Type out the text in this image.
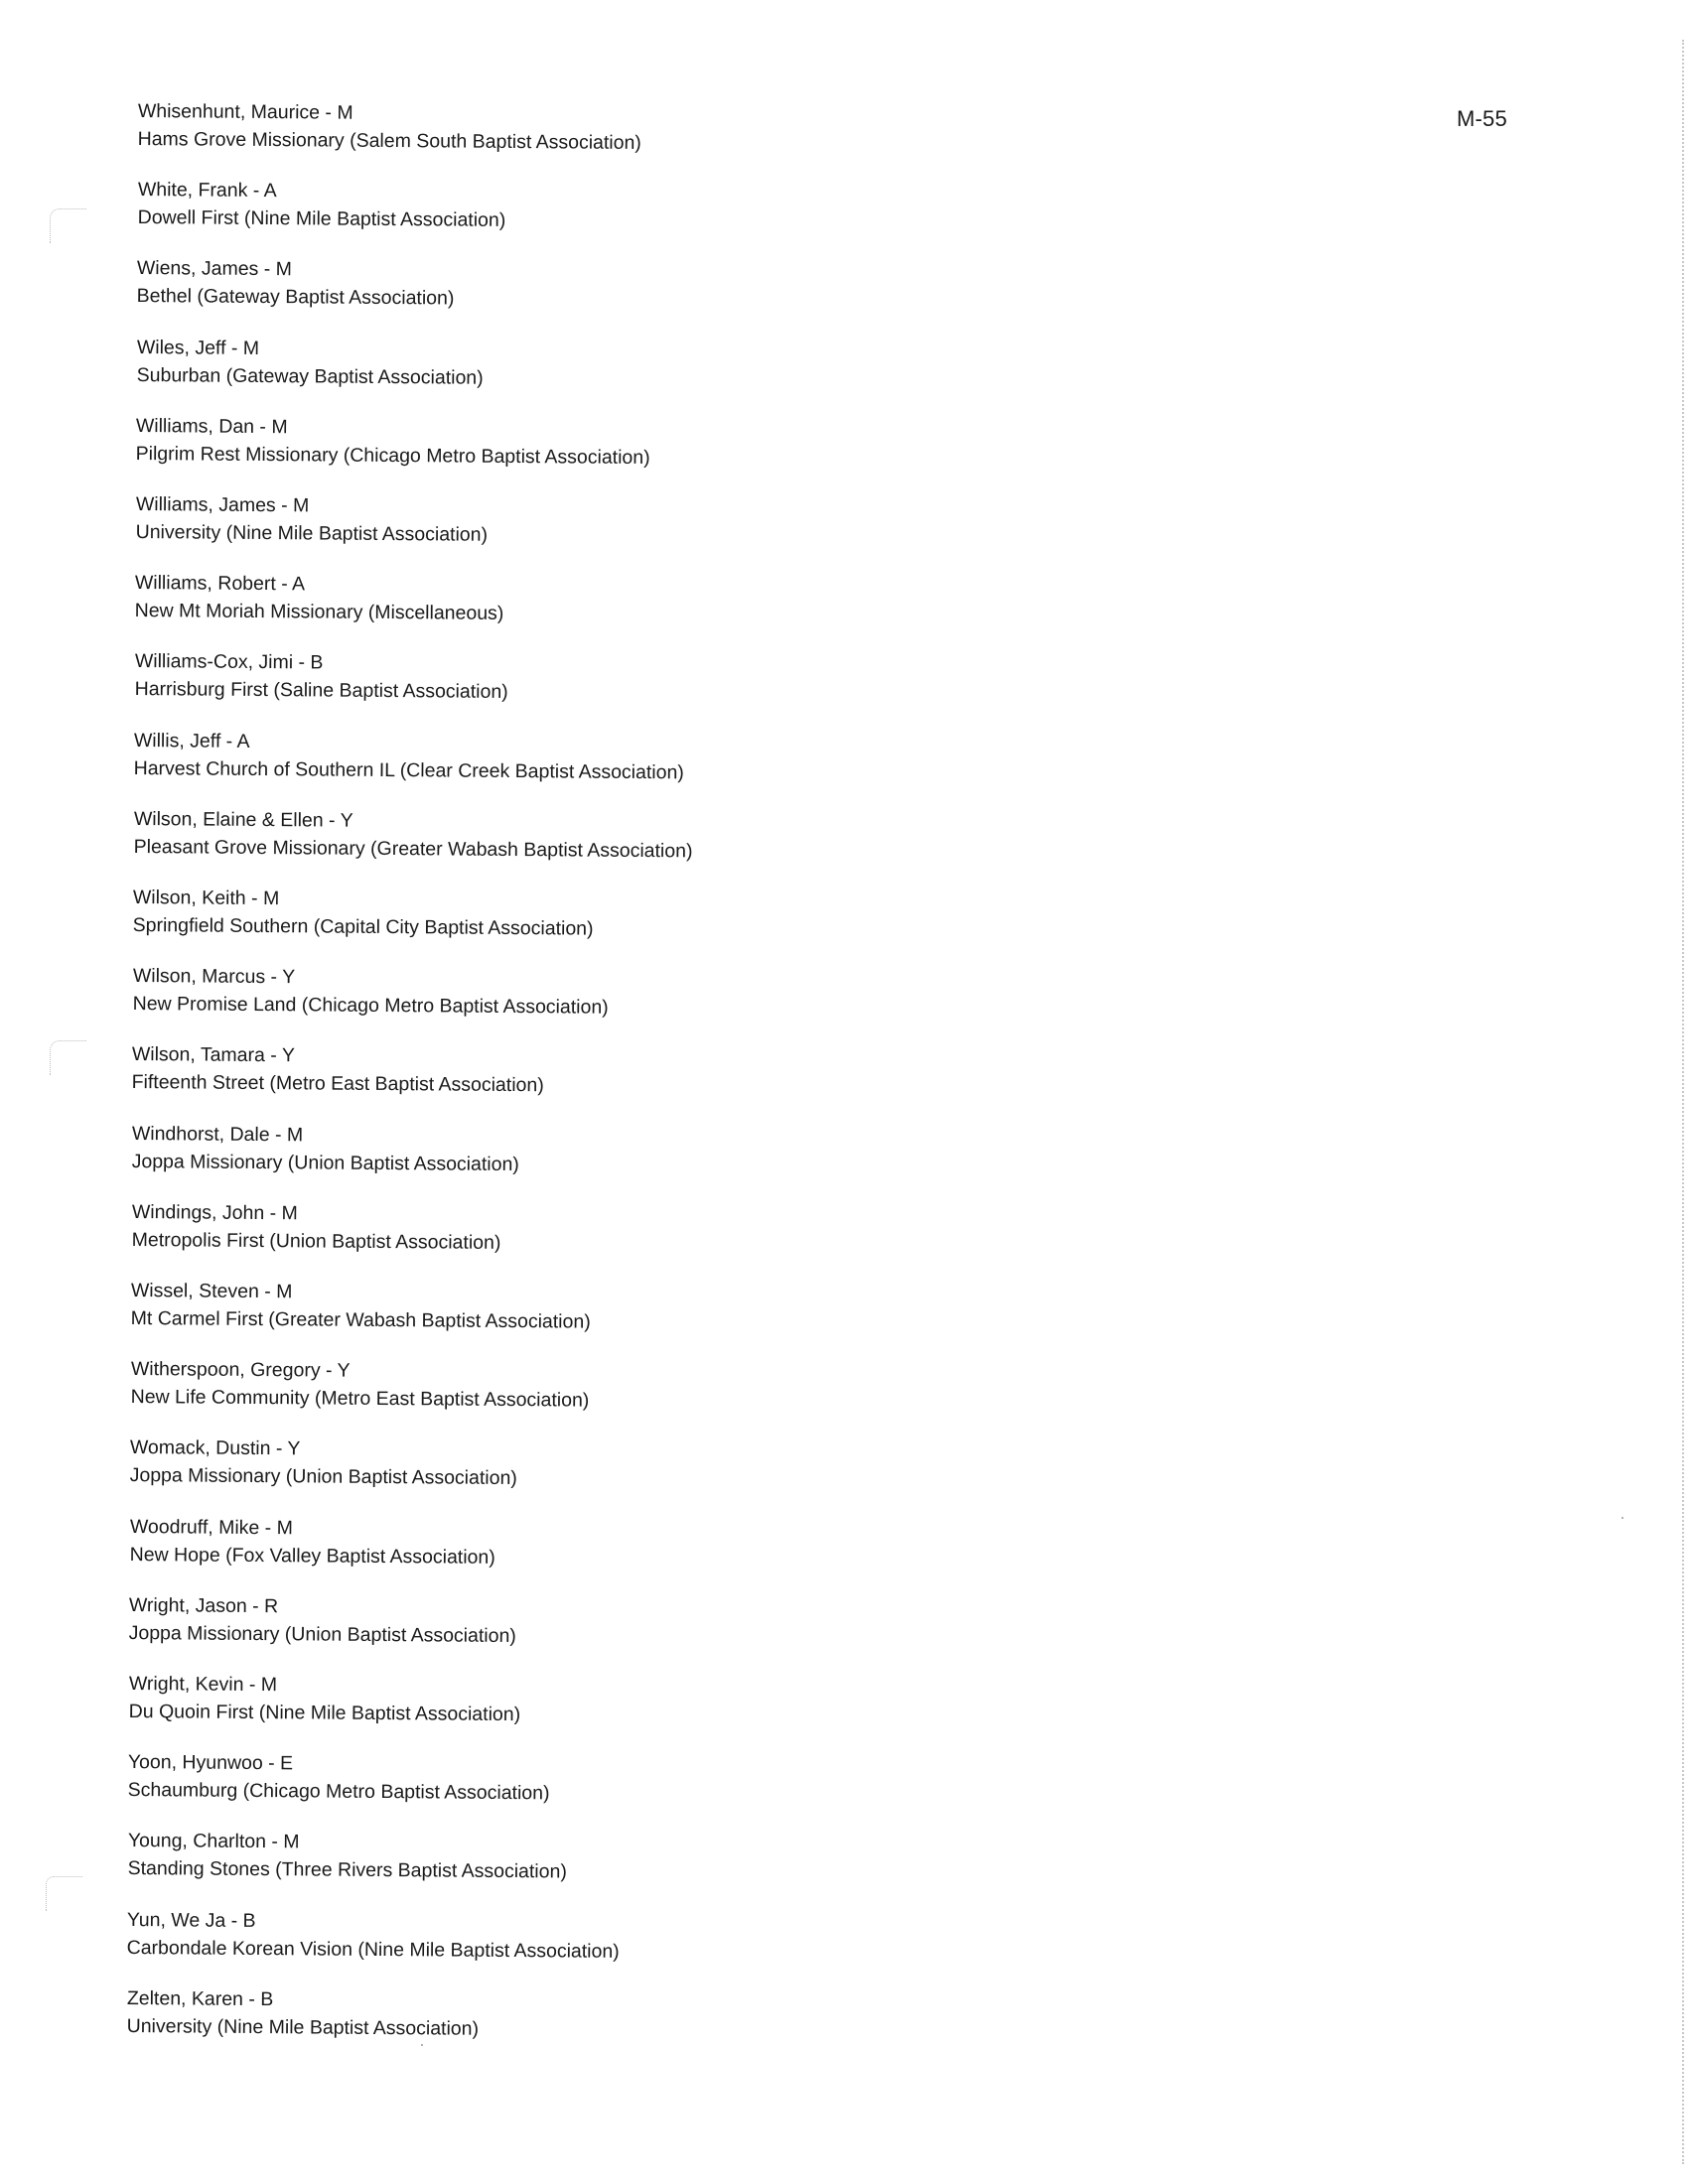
M-55
Whisenhunt, Maurice - M
Hams Grove Missionary (Salem South Baptist Association)
White, Frank - A
Dowell First (Nine Mile Baptist Association)
Wiens, James - M
Bethel (Gateway Baptist Association)
Wiles, Jeff - M
Suburban (Gateway Baptist Association)
Williams, Dan - M
Pilgrim Rest Missionary (Chicago Metro Baptist Association)
Williams, James - M
University (Nine Mile Baptist Association)
Williams, Robert - A
New Mt Moriah Missionary (Miscellaneous)
Williams-Cox, Jimi - B
Harrisburg First (Saline Baptist Association)
Willis, Jeff - A
Harvest Church of Southern IL (Clear Creek Baptist Association)
Wilson, Elaine & Ellen - Y
Pleasant Grove Missionary (Greater Wabash Baptist Association)
Wilson, Keith - M
Springfield Southern (Capital City Baptist Association)
Wilson, Marcus - Y
New Promise Land (Chicago Metro Baptist Association)
Wilson, Tamara - Y
Fifteenth Street (Metro East Baptist Association)
Windhorst, Dale - M
Joppa Missionary (Union Baptist Association)
Windings, John - M
Metropolis First (Union Baptist Association)
Wissel, Steven - M
Mt Carmel First (Greater Wabash Baptist Association)
Witherspoon, Gregory - Y
New Life Community (Metro East Baptist Association)
Womack, Dustin - Y
Joppa Missionary (Union Baptist Association)
Woodruff, Mike - M
New Hope (Fox Valley Baptist Association)
Wright, Jason - R
Joppa Missionary (Union Baptist Association)
Wright, Kevin - M
Du Quoin First (Nine Mile Baptist Association)
Yoon, Hyunwoo - E
Schaumburg (Chicago Metro Baptist Association)
Young, Charlton - M
Standing Stones (Three Rivers Baptist Association)
Yun, We Ja - B
Carbondale Korean Vision (Nine Mile Baptist Association)
Zelten, Karen - B
University (Nine Mile Baptist Association)
